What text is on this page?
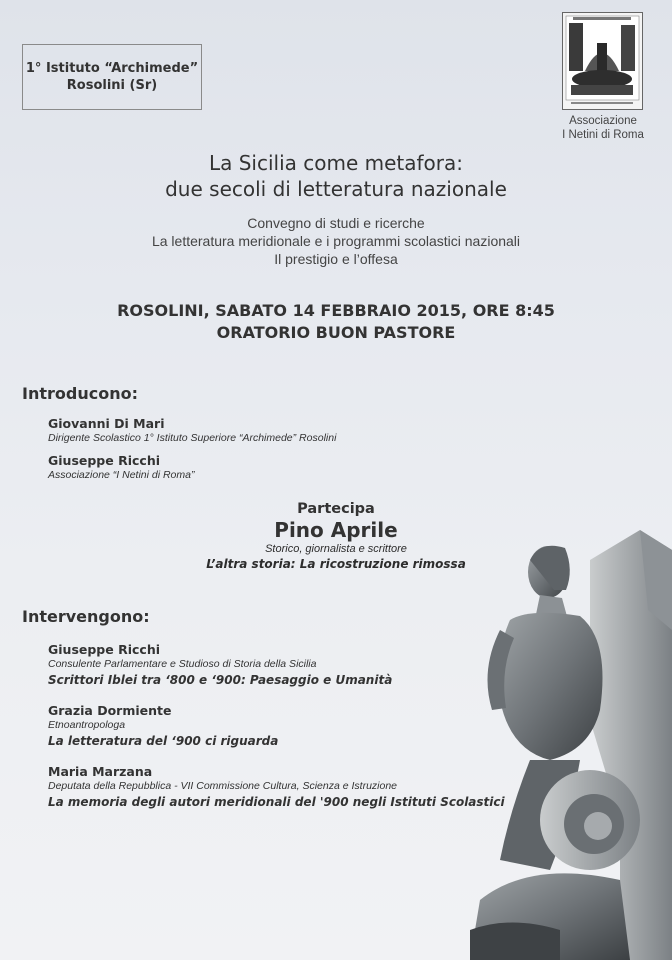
1° Istituto “Archimede”
Rosolini (Sr)
Associazione
I Netini di Roma
La Sicilia come metafora:
due secoli di letteratura nazionale
Convegno di studi e ricerche
La letteratura meridionale e i programmi scolastici nazionali
Il prestigio e l’offesa
ROSOLINI, SABATO 14 FEBBRAIO 2015, ORE 8:45
ORATORIO BUON PASTORE
Introducono:
Giovanni Di Mari
Dirigente Scolastico 1° Istituto Superiore “Archimede” Rosolini
Giuseppe Ricchi
Associazione “I Netini di Roma”
Partecipa
Pino Aprile
Storico, giornalista e scrittore
L’altra storia: La ricostruzione rimossa
Intervengono:
Giuseppe Ricchi
Consulente Parlamentare e Studioso di Storia della Sicilia
Scrittori Iblei tra ‘800 e ‘900: Paesaggio e Umanità
Grazia Dormiente
Etnoantropologa
La letteratura del ‘900 ci riguarda
Maria Marzana
Deputata della Repubblica - VII Commissione Cultura, Scienza e Istruzione
La memoria degli autori meridionali del '900 negli Istituti Scolastici
